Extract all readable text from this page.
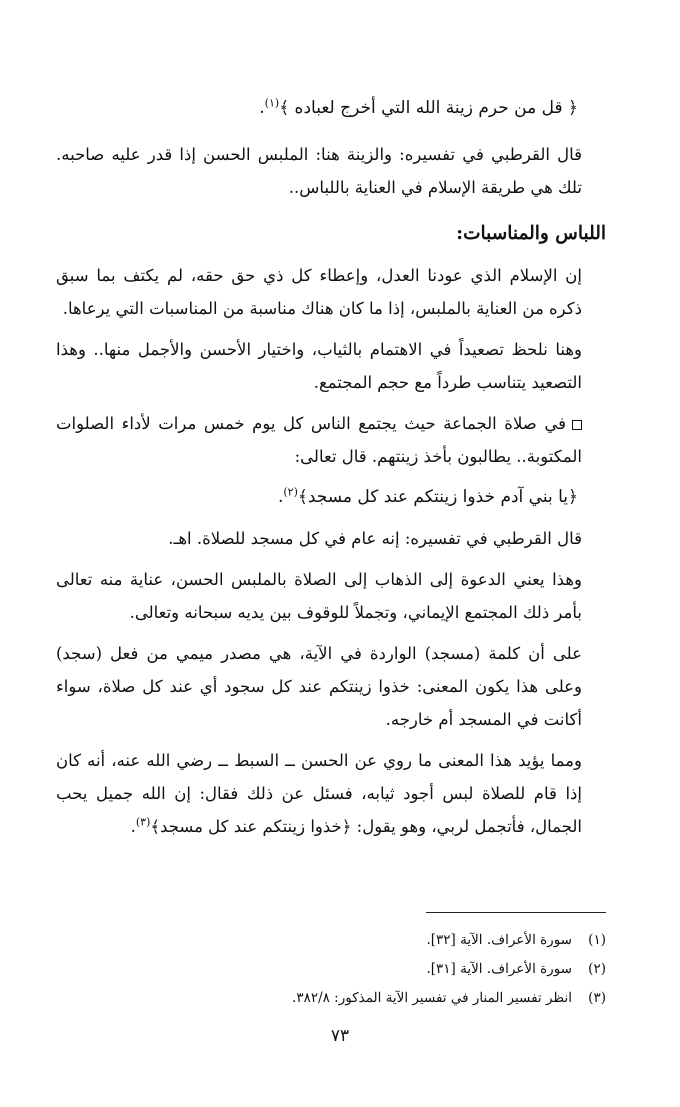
﴿ قل من حرم زينة الله التي أخرج لعباده ﴾$^{(١)}$.

قال القرطبي في تفسيره: والزينة هنا: الملبس الحسن إذا قدر عليه صاحبه. تلك هي طريقة الإسلام في العناية باللباس..

اللباس والمناسبات:

إن الإسلام الذي عودنا العدل، وإعطاء كل ذي حق حقه، لم يكتف بما سبق ذكره من العناية بالملبس، إذا ما كان هناك مناسبة من المناسبات التي يرعاها.

وهنا نلحظ تصعيداً في الاهتمام بالثياب، واختيار الأحسن والأجمل منها.. وهذا التصعيد يتناسب طرداً مع حجم المجتمع.

في صلاة الجماعة حيث يجتمع الناس كل يوم خمس مرات لأداء الصلوات المكتوبة.. يطالبون بأخذ زينتهم. قال تعالى:

﴿يا بني آدم خذوا زينتكم عند كل مسجد﴾$^{(٢)}$.

قال القرطبي في تفسيره: إنه عام في كل مسجد للصلاة. اهـ.

وهذا يعني الدعوة إلى الذهاب إلى الصلاة بالملبس الحسن، عناية منه تعالى بأمر ذلك المجتمع الإيماني، وتجملاً للوقوف بين يديه سبحانه وتعالى.

على أن كلمة (مسجد) الواردة في الآية، هي مصدر ميمي من فعل (سجد) وعلى هذا يكون المعنى: خذوا زينتكم عند كل سجود أي عند كل صلاة، سواء أكانت في المسجد أم خارجه.

ومما يؤيد هذا المعنى ما روي عن الحسن ــ السبط ــ رضي الله عنه، أنه كان إذا قام للصلاة لبس أجود ثيابه، فسئل عن ذلك فقال: إن الله جميل يحب الجمال، فأتجمل لربي، وهو يقول: ﴿خذوا زينتكم عند كل مسجد﴾$^{(٣)}$.

(١)سورة الأعراف. الآية [٣٢].
(٢)سورة الأعراف. الآية [٣١].
(٣)انظر تفسير المنار في تفسير الآية المذكور: ٣٨٢/٨.
٧٣
